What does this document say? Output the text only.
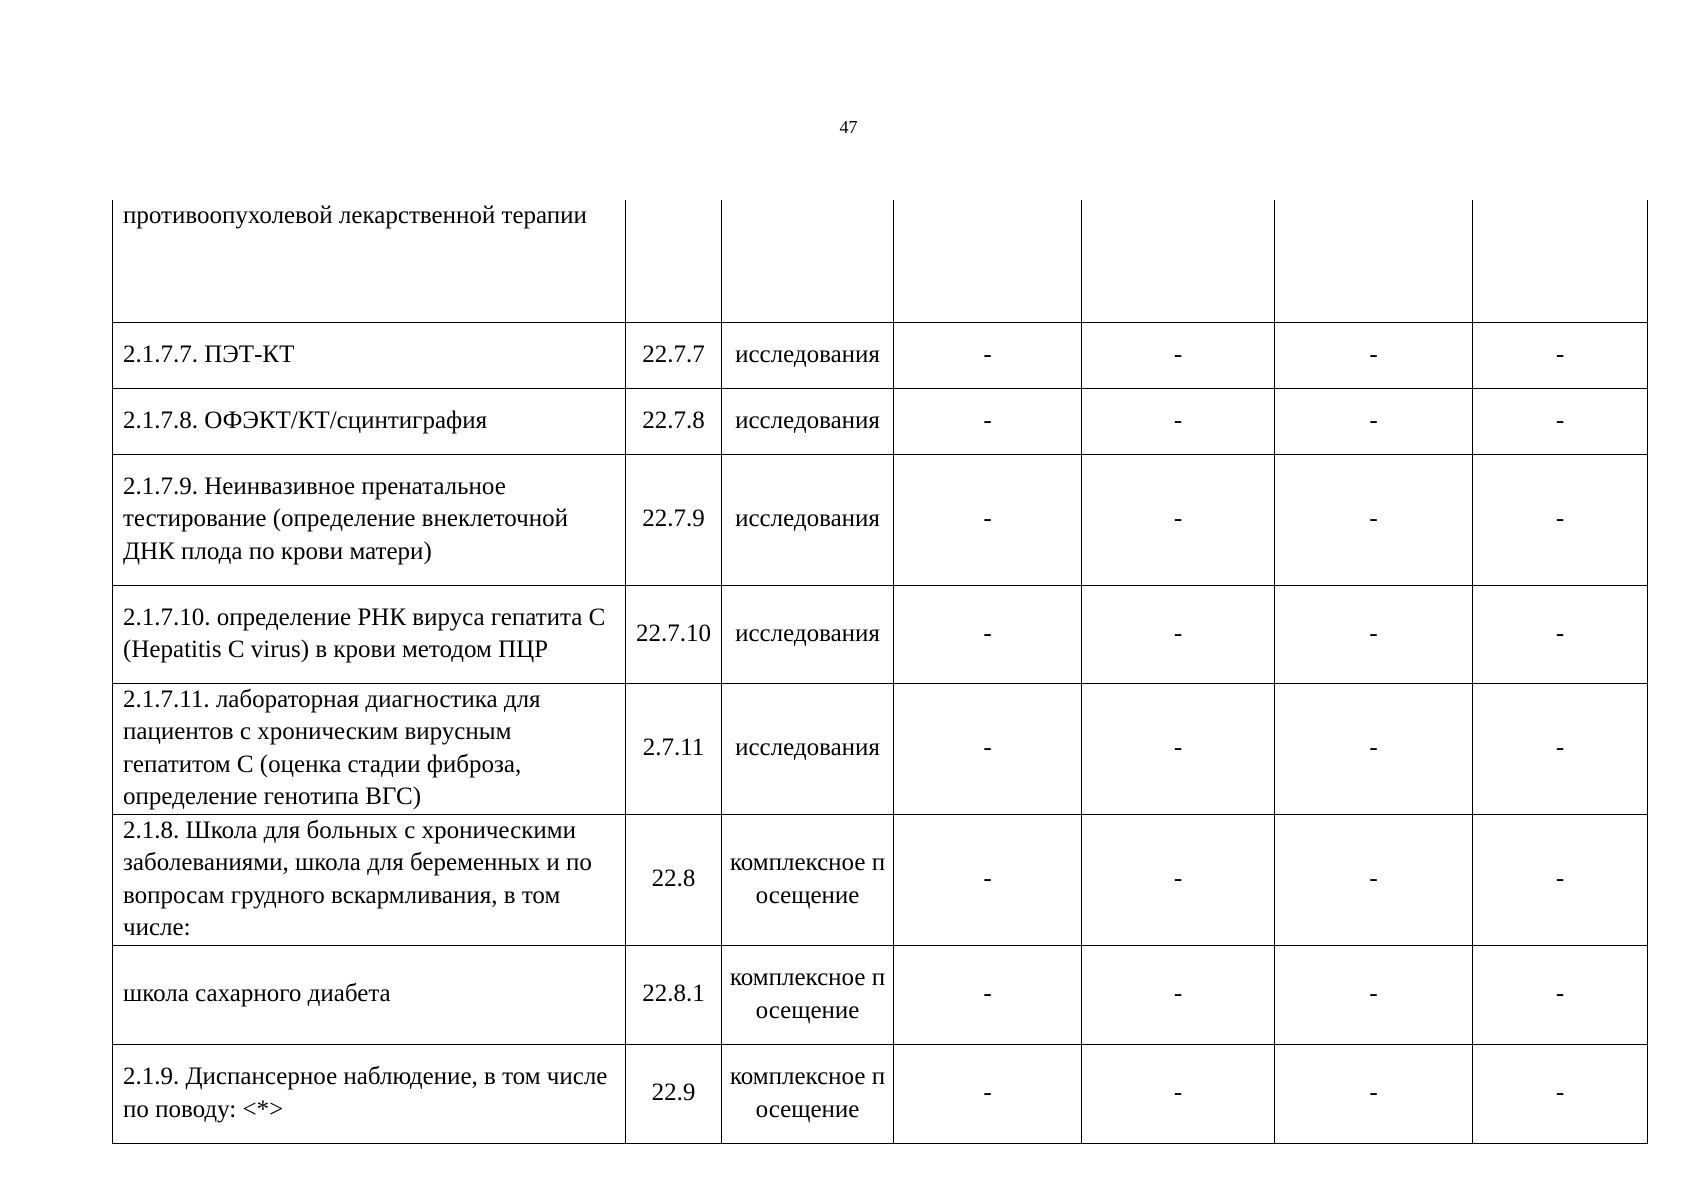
47
противоопухолевой лекарственной терапии						
2.1.7.7. ПЭТ-КТ	22.7.7	исследования	-	-	-	-
2.1.7.8. ОФЭКТ/КТ/сцинтиграфия	22.7.8	исследования	-	-	-	-
2.1.7.9. Неинвазивное пренатальное тестирование (определение внеклеточной ДНК плода по крови матери)	22.7.9	исследования	-	-	-	-
2.1.7.10. определение РНК вируса гепатита C (Hepatitis C virus) в крови методом ПЦР	22.7.10	исследования	-	-	-	-
2.1.7.11. лабораторная диагностика для пациентов с хроническим вирусным гепатитом C (оценка стадии фиброза, определение генотипа ВГС)	2.7.11	исследования	-	-	-	-
2.1.8. Школа для больных с хроническими заболеваниями, школа для беременных и по вопросам грудного вскармливания, в том числе:	22.8	комплексное посещение	-	-	-	-
школа сахарного диабета	22.8.1	комплексное посещение	-	-	-	-
2.1.9. Диспансерное наблюдение, в том числе по поводу: <*>	22.9	комплексное посещение	-	-	-	-
